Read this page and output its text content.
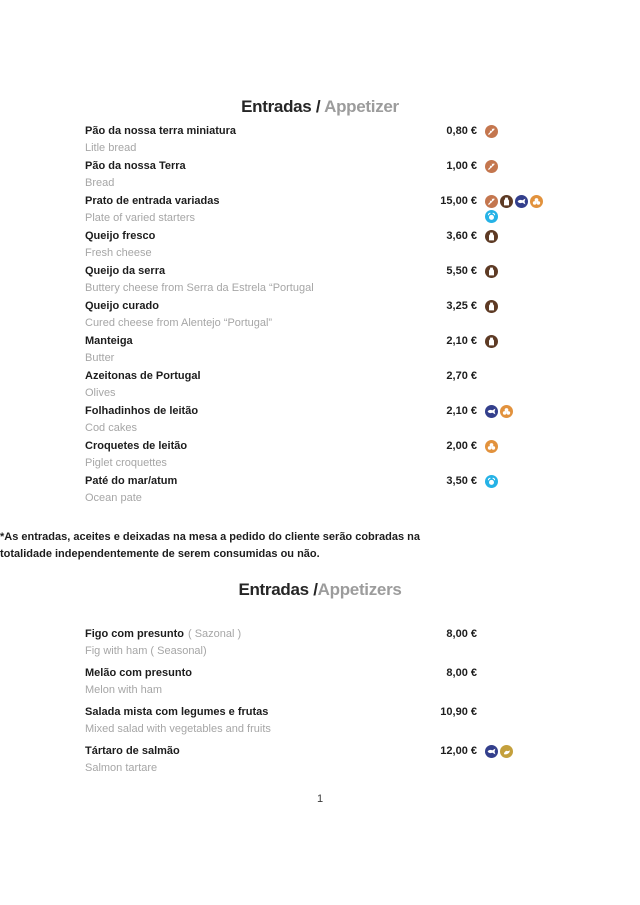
Entradas / Appetizer
Pão da nossa terra miniatura	0,80 €
Litle bread
Pão da nossa Terra	1,00 €
Bread
Prato de entrada variadas	15,00 €
Plate of varied starters
Queijo fresco	3,60 €
Fresh cheese
Queijo da serra	5,50 €
Buttery cheese from Serra da Estrela “Portugal
Queijo curado	3,25 €
Cured cheese from Alentejo “Portugal”
Manteiga	2,10 €
Butter
Azeitonas de Portugal	2,70 €
Olives
Folhadinhos de leitão	2,10 €
Cod cakes
Croquetes de leitão	2,00 €
Piglet croquettes
Paté do mar/atum	3,50 €
Ocean pate

*As entradas, aceites e deixadas na mesa a pedido do cliente serão cobradas na totalidade independentemente de serem consumidas ou não.

Entradas /Appetizers
Figo com presunto ( Sazonal )	8,00 €
Fig with ham ( Seasonal)
Melão com presunto	8,00 €
Melon with ham
Salada mista com legumes e frutas	10,90 €
Mixed salad with vegetables and fruits
Tártaro de salmão	12,00 €
Salmon tartare
1
